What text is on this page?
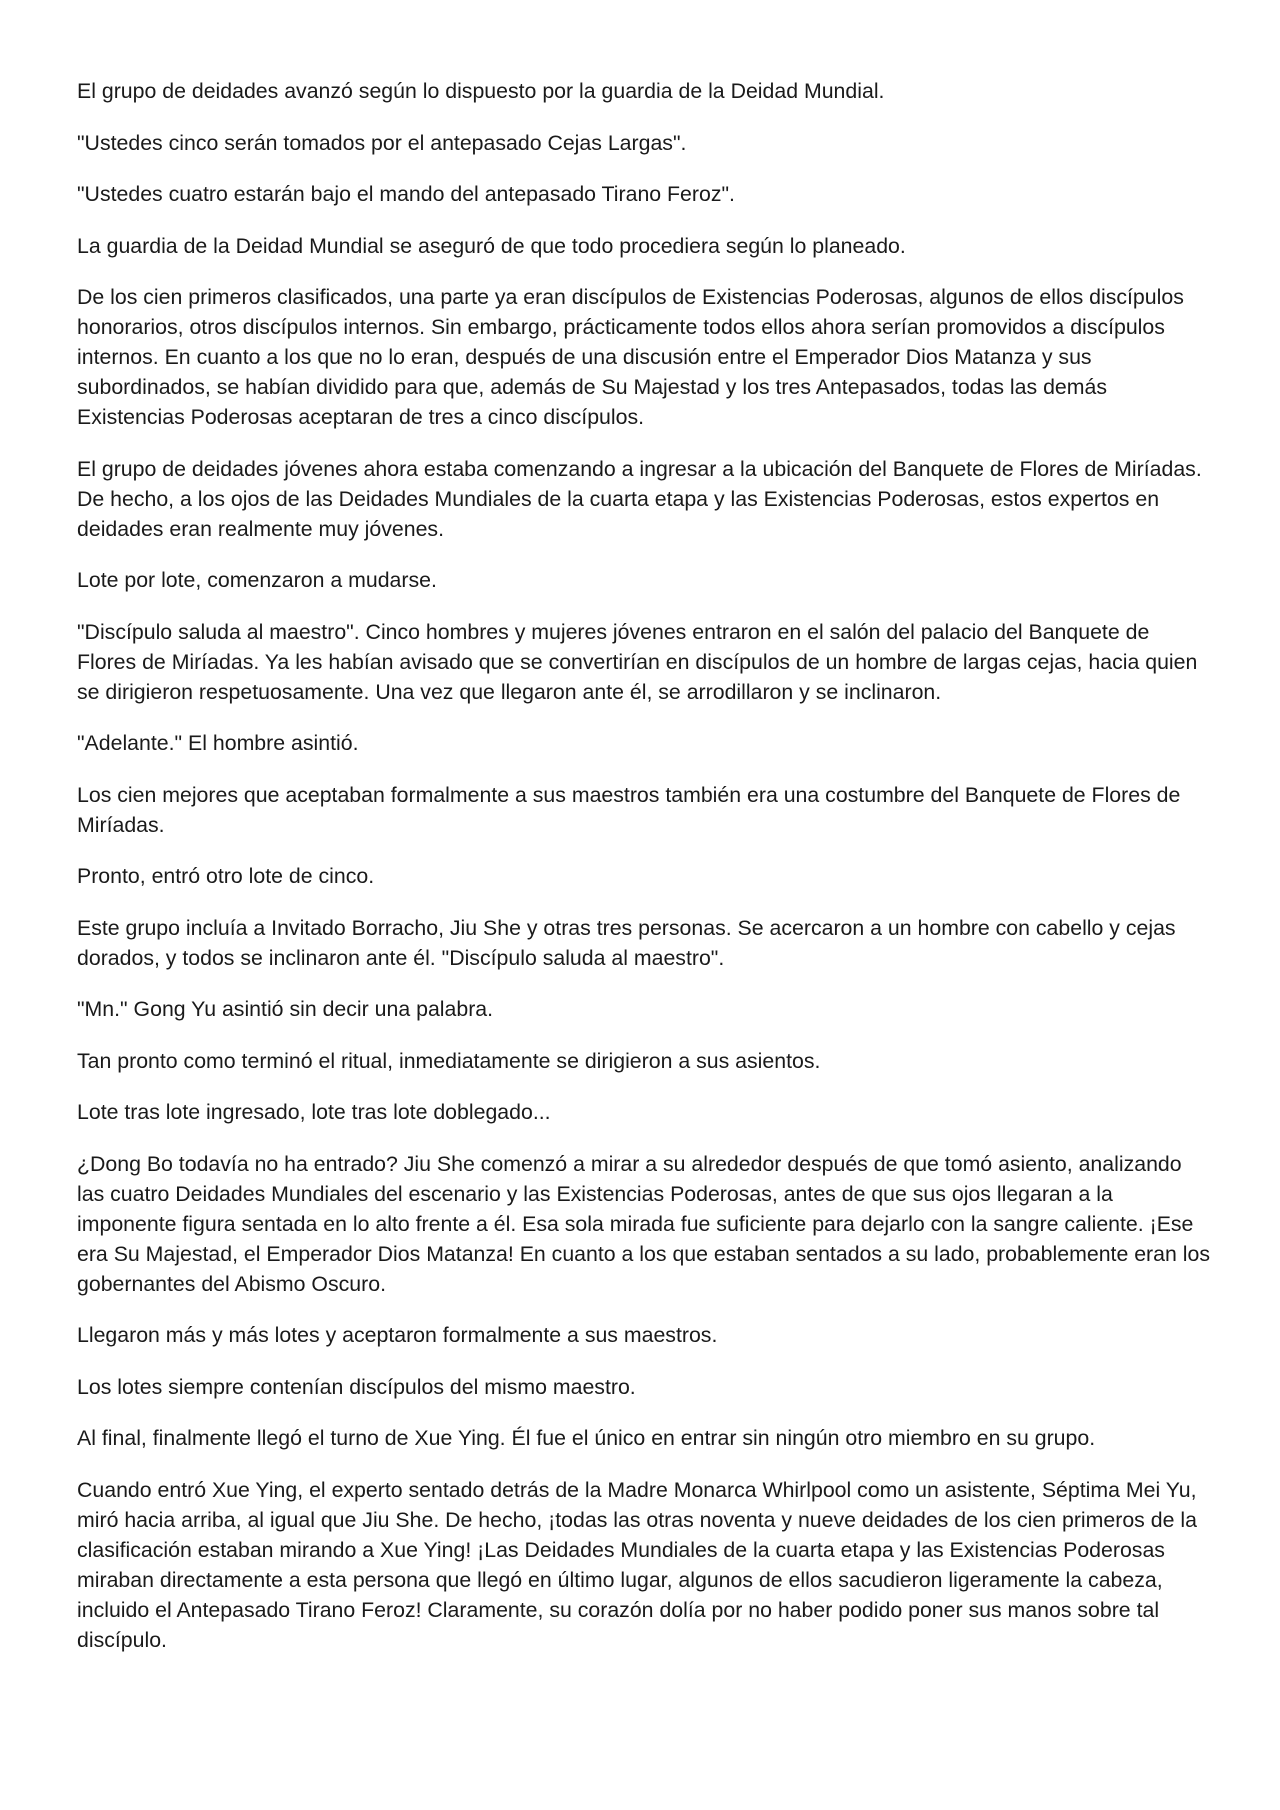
El grupo de deidades avanzó según lo dispuesto por la guardia de la Deidad Mundial.

"Ustedes cinco serán tomados por el antepasado Cejas Largas".

"Ustedes cuatro estarán bajo el mando del antepasado Tirano Feroz".

La guardia de la Deidad Mundial se aseguró de que todo procediera según lo planeado.

De los cien primeros clasificados, una parte ya eran discípulos de Existencias Poderosas, algunos de ellos discípulos honorarios, otros discípulos internos. Sin embargo, prácticamente todos ellos ahora serían promovidos a discípulos internos. En cuanto a los que no lo eran, después de una discusión entre el Emperador Dios Matanza y sus subordinados, se habían dividido para que, además de Su Majestad y los tres Antepasados, todas las demás Existencias Poderosas aceptaran de tres a cinco discípulos.

El grupo de deidades jóvenes ahora estaba comenzando a ingresar a la ubicación del Banquete de Flores de Miríadas. De hecho, a los ojos de las Deidades Mundiales de la cuarta etapa y las Existencias Poderosas, estos expertos en deidades eran realmente muy jóvenes.

Lote por lote, comenzaron a mudarse.

"Discípulo saluda al maestro". Cinco hombres y mujeres jóvenes entraron en el salón del palacio del Banquete de Flores de Miríadas. Ya les habían avisado que se convertirían en discípulos de un hombre de largas cejas, hacia quien se dirigieron respetuosamente. Una vez que llegaron ante él, se arrodillaron y se inclinaron.

"Adelante." El hombre asintió.

Los cien mejores que aceptaban formalmente a sus maestros también era una costumbre del Banquete de Flores de Miríadas.

Pronto, entró otro lote de cinco.

Este grupo incluía a Invitado Borracho, Jiu She y otras tres personas. Se acercaron a un hombre con cabello y cejas dorados, y todos se inclinaron ante él. "Discípulo saluda al maestro".

"Mn." Gong Yu asintió sin decir una palabra.

Tan pronto como terminó el ritual, inmediatamente se dirigieron a sus asientos.

Lote tras lote ingresado, lote tras lote doblegado...

¿Dong Bo todavía no ha entrado? Jiu She comenzó a mirar a su alrededor después de que tomó asiento, analizando las cuatro Deidades Mundiales del escenario y las Existencias Poderosas, antes de que sus ojos llegaran a la imponente figura sentada en lo alto frente a él. Esa sola mirada fue suficiente para dejarlo con la sangre caliente. ¡Ese era Su Majestad, el Emperador Dios Matanza! En cuanto a los que estaban sentados a su lado, probablemente eran los gobernantes del Abismo Oscuro.

Llegaron más y más lotes y aceptaron formalmente a sus maestros.

Los lotes siempre contenían discípulos del mismo maestro.

Al final, finalmente llegó el turno de Xue Ying. Él fue el único en entrar sin ningún otro miembro en su grupo.

Cuando entró Xue Ying, el experto sentado detrás de la Madre Monarca Whirlpool como un asistente, Séptima Mei Yu, miró hacia arriba, al igual que Jiu She. De hecho, ¡todas las otras noventa y nueve deidades de los cien primeros de la clasificación estaban mirando a Xue Ying! ¡Las Deidades Mundiales de la cuarta etapa y las Existencias Poderosas miraban directamente a esta persona que llegó en último lugar, algunos de ellos sacudieron ligeramente la cabeza, incluido el Antepasado Tirano Feroz! Claramente, su corazón dolía por no haber podido poner sus manos sobre tal discípulo.
